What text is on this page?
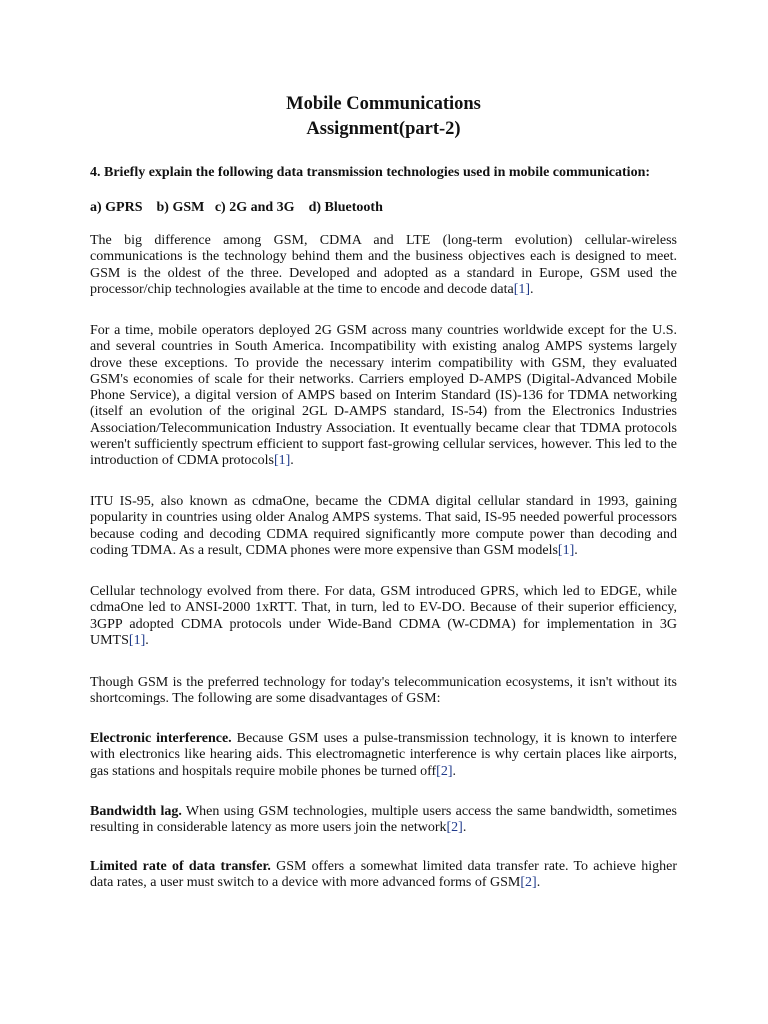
Mobile Communications
Assignment(part-2)

4. Briefly explain the following data transmission technologies used in mobile communication:

a) GPRS    b) GSM   c) 2G and 3G    d) Bluetooth

The big difference among GSM, CDMA and LTE (long-term evolution) cellular-wireless communications is the technology behind them and the business objectives each is designed to meet. GSM is the oldest of the three. Developed and adopted as a standard in Europe, GSM used the processor/chip technologies available at the time to encode and decode data[1].

For a time, mobile operators deployed 2G GSM across many countries worldwide except for the U.S. and several countries in South America. Incompatibility with existing analog AMPS systems largely drove these exceptions. To provide the necessary interim compatibility with GSM, they evaluated GSM's economies of scale for their networks. Carriers employed D-AMPS (Digital-Advanced Mobile Phone Service), a digital version of AMPS based on Interim Standard (IS)-136 for TDMA networking (itself an evolution of the original 2GL D-AMPS standard, IS-54) from the Electronics Industries Association/Telecommunication Industry Association. It eventually became clear that TDMA protocols weren't sufficiently spectrum efficient to support fast-growing cellular services, however. This led to the introduction of CDMA protocols[1].

ITU IS-95, also known as cdmaOne, became the CDMA digital cellular standard in 1993, gaining popularity in countries using older Analog AMPS systems. That said, IS-95 needed powerful processors because coding and decoding CDMA required significantly more compute power than decoding and coding TDMA. As a result, CDMA phones were more expensive than GSM models[1].

Cellular technology evolved from there. For data, GSM introduced GPRS, which led to EDGE, while cdmaOne led to ANSI-2000 1xRTT. That, in turn, led to EV-DO. Because of their superior efficiency, 3GPP adopted CDMA protocols under Wide-Band CDMA (W-CDMA) for implementation in 3G UMTS[1].

Though GSM is the preferred technology for today's telecommunication ecosystems, it isn't without its shortcomings. The following are some disadvantages of GSM:

Electronic interference. Because GSM uses a pulse-transmission technology, it is known to interfere with electronics like hearing aids. This electromagnetic interference is why certain places like airports, gas stations and hospitals require mobile phones be turned off[2].

Bandwidth lag. When using GSM technologies, multiple users access the same bandwidth, sometimes resulting in considerable latency as more users join the network[2].

Limited rate of data transfer. GSM offers a somewhat limited data transfer rate. To achieve higher data rates, a user must switch to a device with more advanced forms of GSM[2].
